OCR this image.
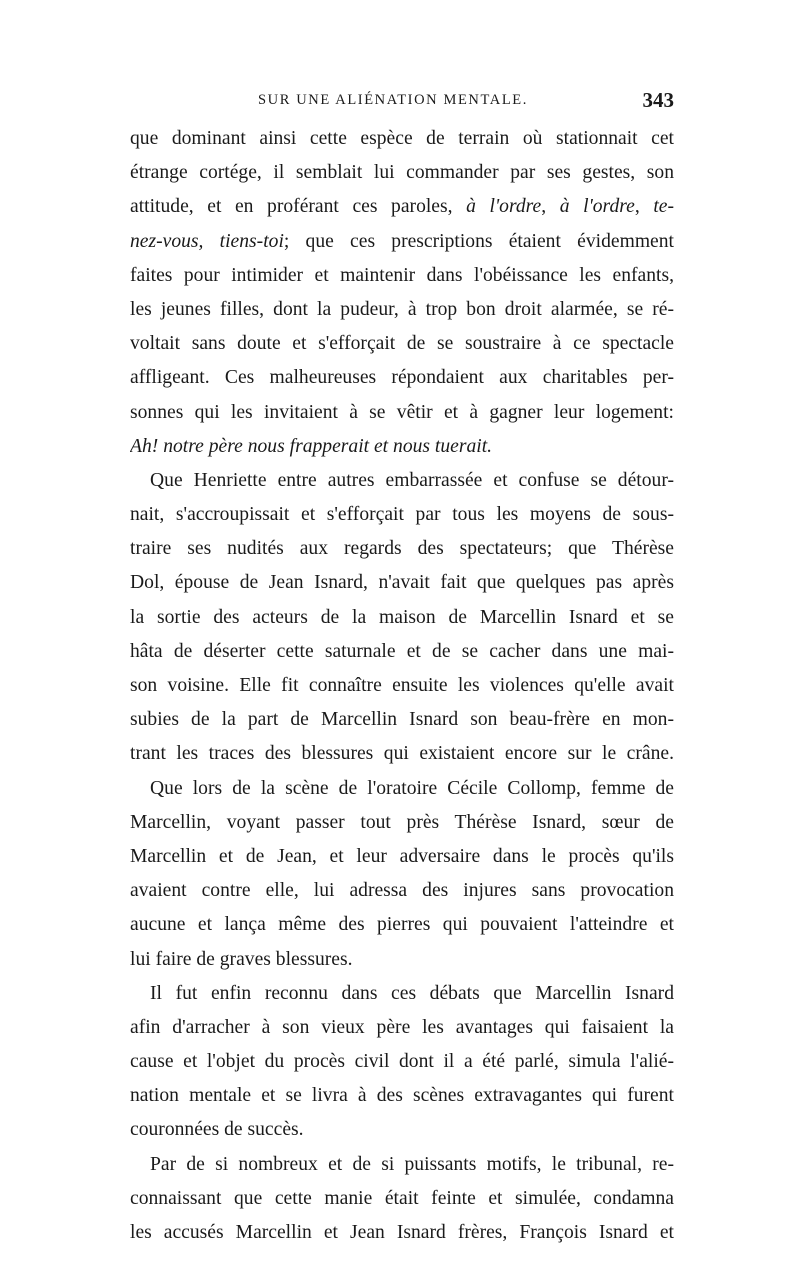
SUR UNE ALIÉNATION MENTALE.	343
que dominant ainsi cette espèce de terrain où stationnait cet
étrange cortége, il semblait lui commander par ses gestes, son
attitude, et en proférant ces paroles, à l'ordre, à l'ordre, te-
nez-vous, tiens-toi; que ces prescriptions étaient évidemment
faites pour intimider et maintenir dans l'obéissance les enfants,
les jeunes filles, dont la pudeur, à trop bon droit alarmée, se ré-
voltait sans doute et s'efforçait de se soustraire à ce spectacle
affligeant. Ces malheureuses répondaient aux charitables per-
sonnes qui les invitaient à se vêtir et à gagner leur logement:
Ah! notre père nous frapperait et nous tuerait.
Que Henriette entre autres embarrassée et confuse se détour-
nait, s'accroupissait et s'efforçait par tous les moyens de sous-
traire ses nudités aux regards des spectateurs; que Thérèse
Dol, épouse de Jean Isnard, n'avait fait que quelques pas après
la sortie des acteurs de la maison de Marcellin Isnard et se
hâta de déserter cette saturnale et de se cacher dans une mai-
son voisine. Elle fit connaître ensuite les violences qu'elle avait
subies de la part de Marcellin Isnard son beau-frère en mon-
trant les traces des blessures qui existaient encore sur le crâne.
Que lors de la scène de l'oratoire Cécile Collomp, femme de
Marcellin, voyant passer tout près Thérèse Isnard, sœur de
Marcellin et de Jean, et leur adversaire dans le procès qu'ils
avaient contre elle, lui adressa des injures sans provocation
aucune et lança même des pierres qui pouvaient l'atteindre et
lui faire de graves blessures.
Il fut enfin reconnu dans ces débats que Marcellin Isnard
afin d'arracher à son vieux père les avantages qui faisaient la
cause et l'objet du procès civil dont il a été parlé, simula l'alié-
nation mentale et se livra à des scènes extravagantes qui furent
couronnées de succès.
Par de si nombreux et de si puissants motifs, le tribunal, re-
connaissant que cette manie était feinte et simulée, condamna
les accusés Marcellin et Jean Isnard frères, François Isnard et
